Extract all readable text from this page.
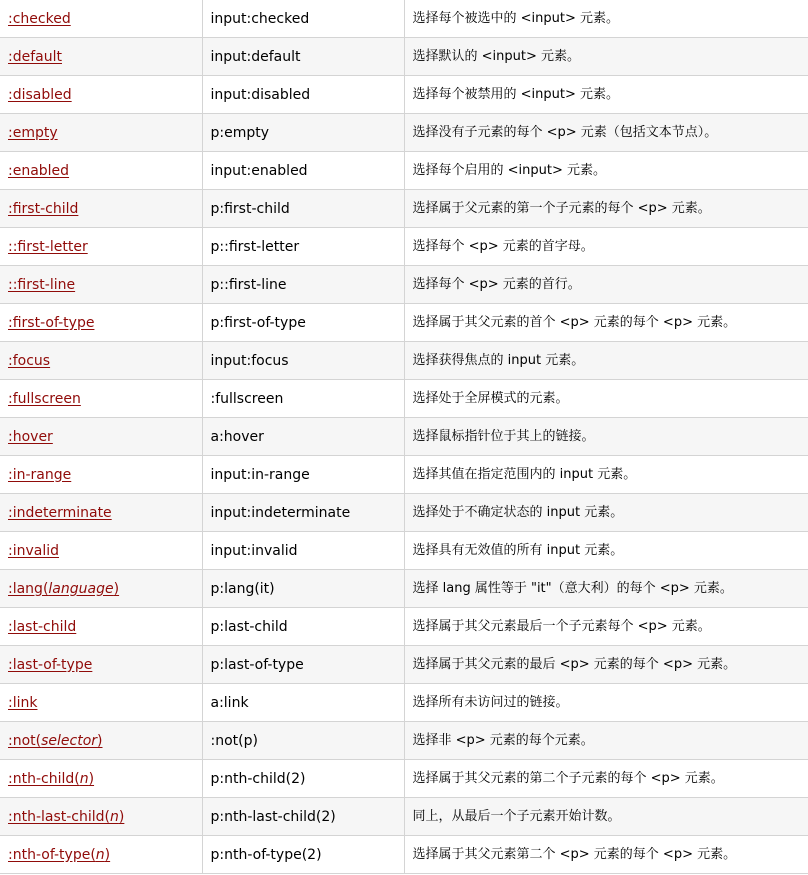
:checked	input:checked	选择每个被选中的 <input> 元素。
:default	input:default	选择默认的 <input> 元素。
:disabled	input:disabled	选择每个被禁用的 <input> 元素。
:empty	p:empty	选择没有子元素的每个 <p> 元素（包括文本节点）。
:enabled	input:enabled	选择每个启用的 <input> 元素。
:first-child	p:first-child	选择属于父元素的第一个子元素的每个 <p> 元素。
::first-letter	p::first-letter	选择每个 <p> 元素的首字母。
::first-line	p::first-line	选择每个 <p> 元素的首行。
:first-of-type	p:first-of-type	选择属于其父元素的首个 <p> 元素的每个 <p> 元素。
:focus	input:focus	选择获得焦点的 input 元素。
:fullscreen	:fullscreen	选择处于全屏模式的元素。
:hover	a:hover	选择鼠标指针位于其上的链接。
:in-range	input:in-range	选择其值在指定范围内的 input 元素。
:indeterminate	input:indeterminate	选择处于不确定状态的 input 元素。
:invalid	input:invalid	选择具有无效值的所有 input 元素。
:lang(language)	p:lang(it)	选择 lang 属性等于 "it"（意大利）的每个 <p> 元素。
:last-child	p:last-child	选择属于其父元素最后一个子元素每个 <p> 元素。
:last-of-type	p:last-of-type	选择属于其父元素的最后 <p> 元素的每个 <p> 元素。
:link	a:link	选择所有未访问过的链接。
:not(selector)	:not(p)	选择非 <p> 元素的每个元素。
:nth-child(n)	p:nth-child(2)	选择属于其父元素的第二个子元素的每个 <p> 元素。
:nth-last-child(n)	p:nth-last-child(2)	同上，从最后一个子元素开始计数。
:nth-of-type(n)	p:nth-of-type(2)	选择属于其父元素第二个 <p> 元素的每个 <p> 元素。
